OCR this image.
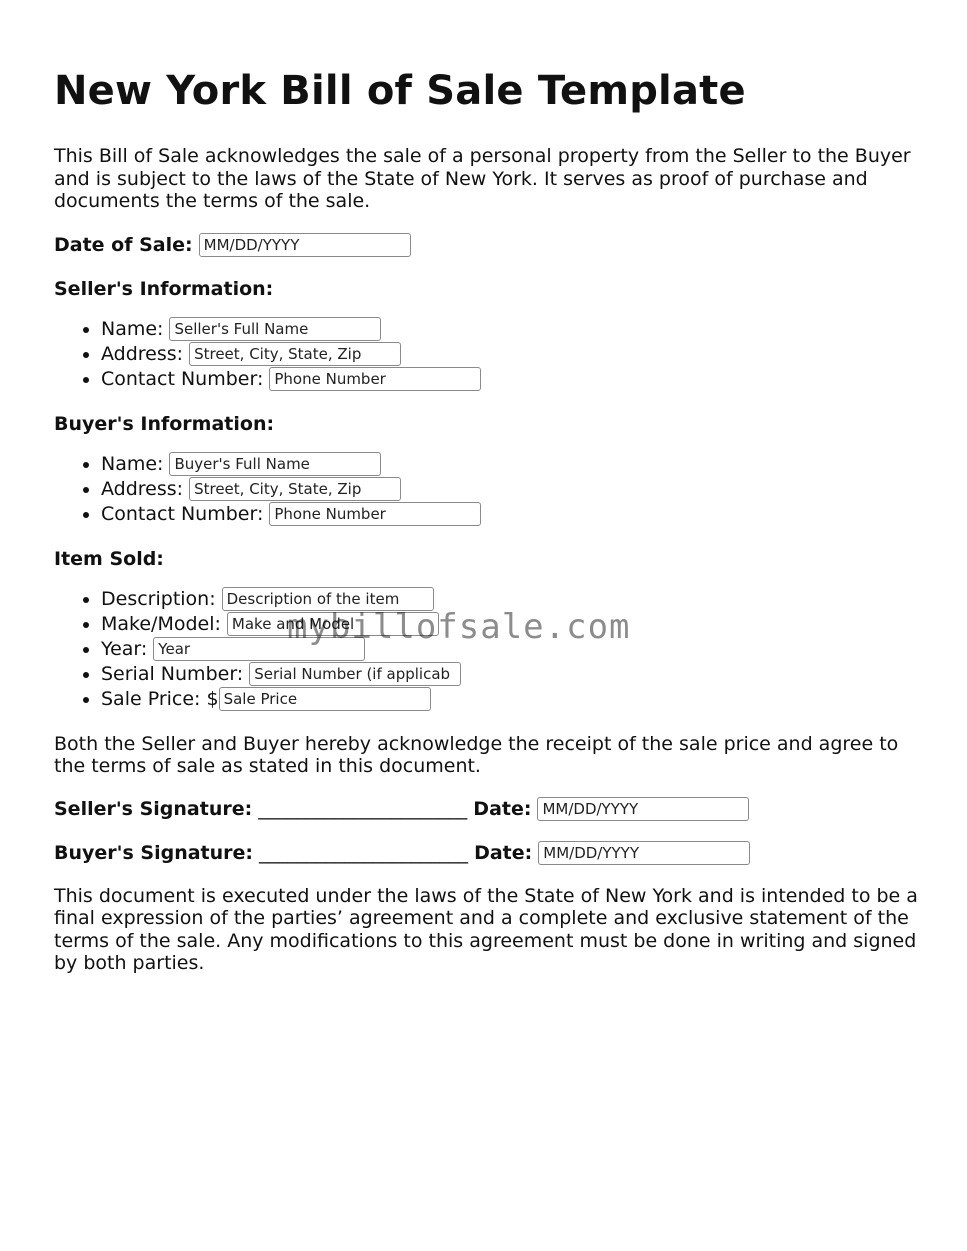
New York Bill of Sale Template

This Bill of Sale acknowledges the sale of a personal property from the Seller to the Buyer and is subject to the laws of the State of New York. It serves as proof of purchase and documents the terms of the sale.

Date of Sale:
MM/DD/YYYY
Seller's Information:
• Name:
Seller's Full Name
• Address:
Street, City, State, Zip
• Contact Number:
Phone Number
Buyer's Information:
• Name:
Buyer's Full Name
• Address:
Street, City, State, Zip
• Contact Number:
Phone Number
Item Sold:
• Description:
Description of the item
• Make/Model:
Make and Model
• Year:
Year
• Serial Number:
Serial Number (if applicab
• Sale Price: $
Sale Price

Both the Seller and Buyer hereby acknowledge the receipt of the sale price and agree to the terms of sale as stated in this document.

Seller's Signature: ______________________ Date:
MM/DD/YYYY
Buyer's Signature: ______________________ Date:
MM/DD/YYYY

This document is executed under the laws of the State of New York and is intended to be a final expression of the parties’ agreement and a complete and exclusive statement of the terms of the sale. Any modifications to this agreement must be done in writing and signed by both parties.

mybillofsale.com
